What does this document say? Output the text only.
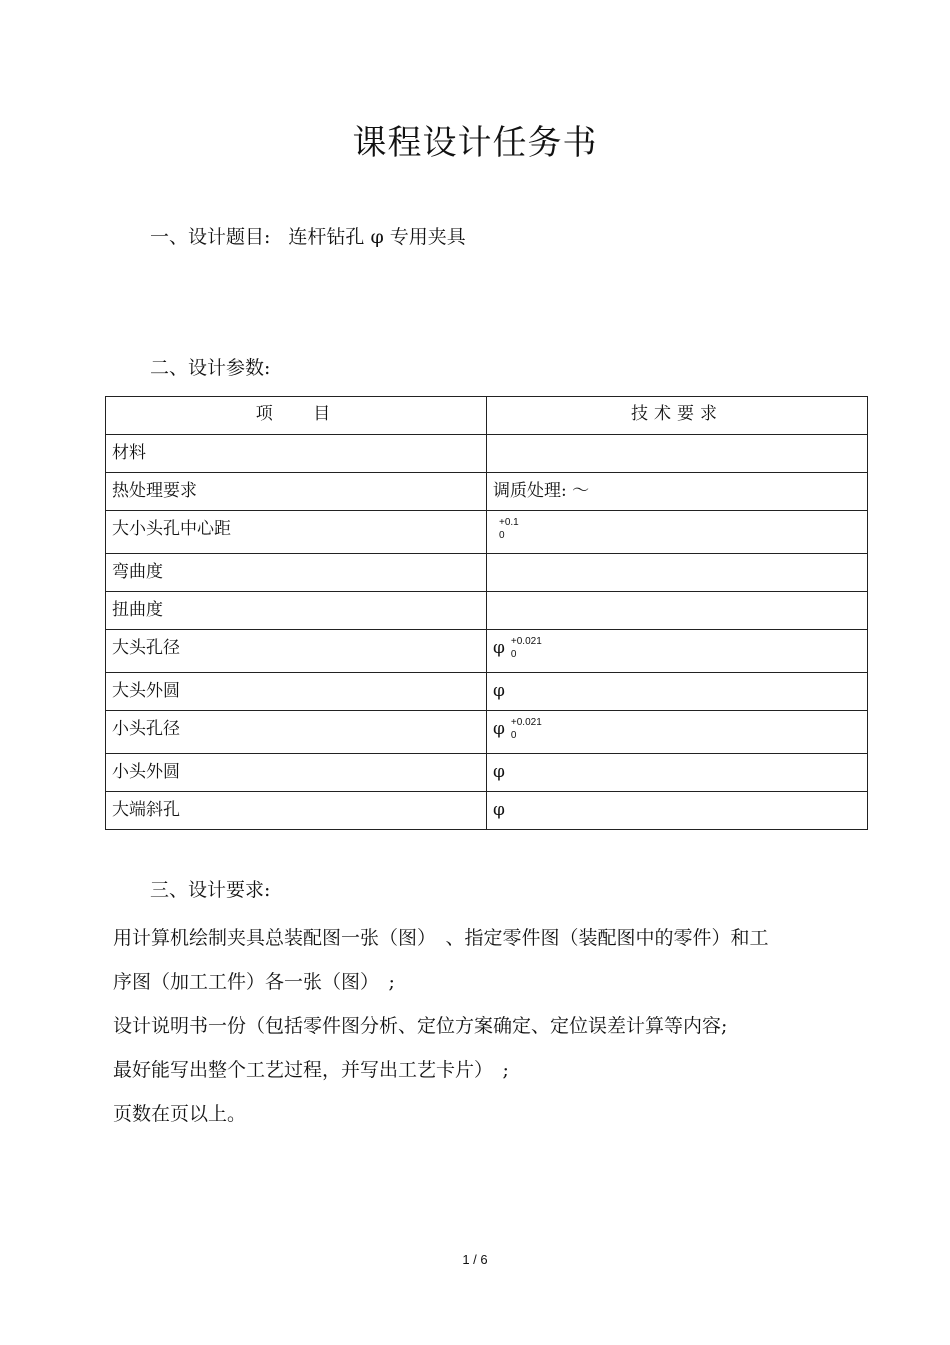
课程设计任务书
一、设计题目: 连杆钻孔 φ 专用夹具
二、设计参数:
项　 目	技术要求
材料	
热处理要求	调质处理: ～
大小头孔中心距	+0.1
0

弯曲度	
扭曲度	
大头孔径	φ +0.021
0

大头外圆	φ
小头孔径	φ +0.021
0

小头外圆	φ
大端斜孔	φ
三、设计要求:

用计算机绘制夹具总装配图一张（图）　、指定零件图（装配图中的零件）和工

序图（加工工件）各一张（图）　;

设计说明书一份（包括零件图分析、定位方案确定、定位误差计算等内容;

最好能写出整个工艺过程，并写出工艺卡片）　;

页数在页以上。

1 / 6
